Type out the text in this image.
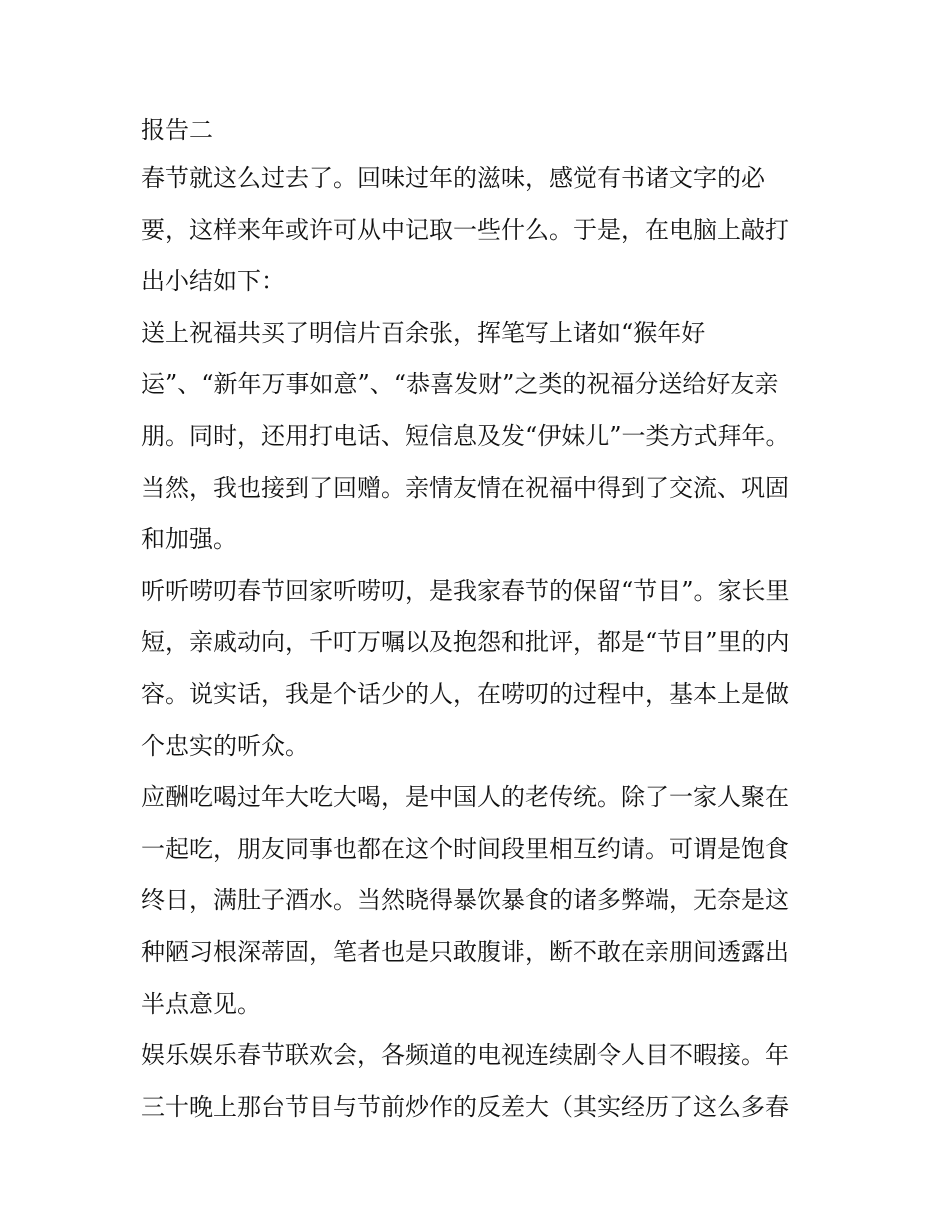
报告二
春节就这么过去了。回味过年的滋味，感觉有书诸文字的必
要，这样来年或许可从中记取一些什么。于是，在电脑上敲打
出小结如下：
送上祝福共买了明信片百余张，挥笔写上诸如“猴年好
运”、“新年万事如意”、“恭喜发财”之类的祝福分送给好友亲
朋。同时，还用打电话、短信息及发“伊妹儿”一类方式拜年。
当然，我也接到了回赠。亲情友情在祝福中得到了交流、巩固
和加强。
听听唠叨春节回家听唠叨，是我家春节的保留“节目”。家长里
短，亲戚动向，千叮万嘱以及抱怨和批评，都是“节目”里的内
容。说实话，我是个话少的人，在唠叨的过程中，基本上是做
个忠实的听众。
应酬吃喝过年大吃大喝，是中国人的老传统。除了一家人聚在
一起吃，朋友同事也都在这个时间段里相互约请。可谓是饱食
终日，满肚子酒水。当然晓得暴饮暴食的诸多弊端，无奈是这
种陋习根深蒂固，笔者也是只敢腹诽，断不敢在亲朋间透露出
半点意见。
娱乐娱乐春节联欢会，各频道的电视连续剧令人目不暇接。年
三十晚上那台节目与节前炒作的反差大（其实经历了这么多春
